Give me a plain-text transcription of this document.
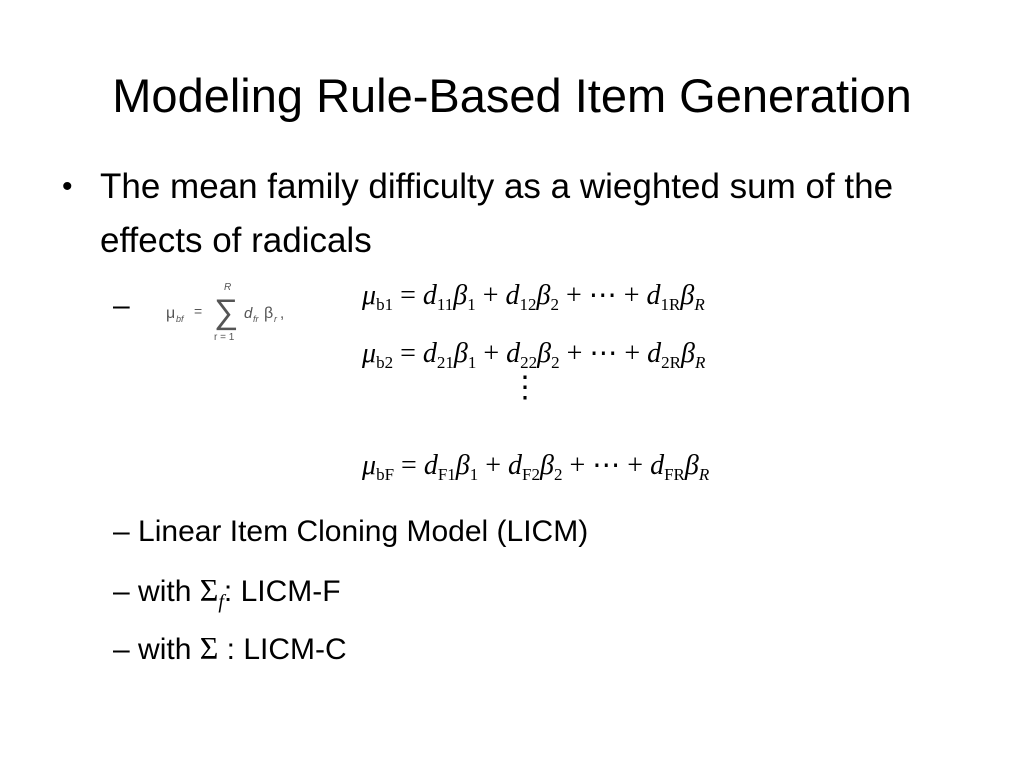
Modeling Rule-Based Item Generation
• The mean family difficulty as a wieghted sum of the effects of radicals
– μ bf =
R
∑
r = 1
d fr β r ,
$\mu_{b1} = d_{11}\beta_1 + d_{12}\beta_2$ + ⋯ + $d_{1R}\beta_R$
$\mu_{b2} = d_{21}\beta_1 + d_{22}\beta_2$ + ⋯ + $d_{2R}\beta_R$
⋮
$\mu_{bF} = d_{F1}\beta_1 + d_{F2}\beta_2$ + ⋯ + $d_{FR}\beta_R$
– Linear Item Cloning Model (LICM)
– with $\Sigma_f$: LICM-F
– with Σ : LICM-C
